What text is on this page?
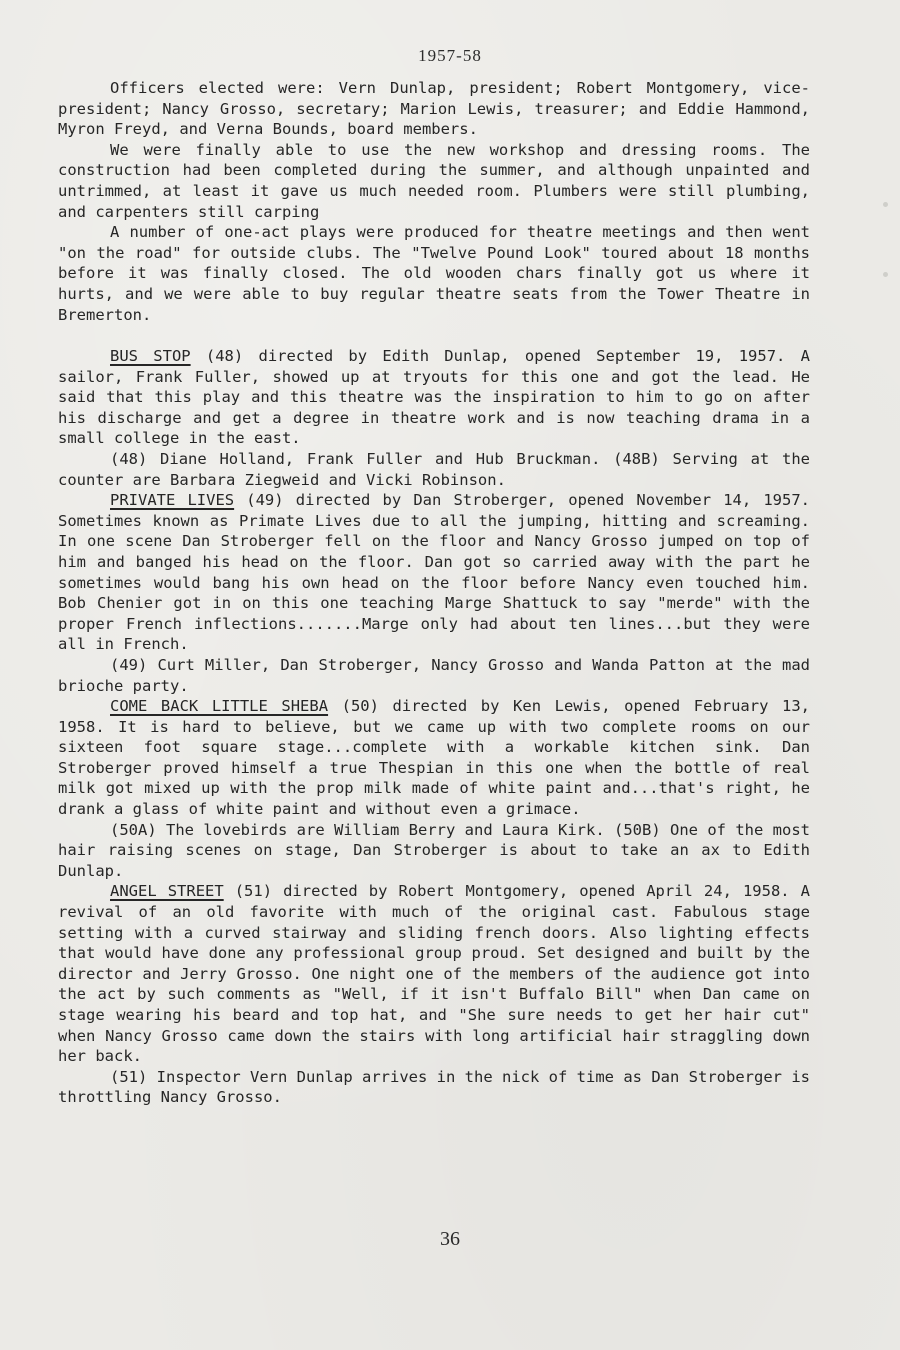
1957-58

Officers elected were: Vern Dunlap, president; Robert Montgomery, vice-president; Nancy Grosso, secretary; Marion Lewis, treasurer; and Eddie Hammond, Myron Freyd, and Verna Bounds, board members.

We were finally able to use the new workshop and dressing rooms. The construction had been completed during the summer, and although unpainted and untrimmed, at least it gave us much needed room. Plumbers were still plumbing, and carpenters still carping

A number of one-act plays were produced for theatre meetings and then went "on the road" for outside clubs. The "Twelve Pound Look" toured about 18 months before it was finally closed. The old wooden chars finally got us where it hurts, and we were able to buy regular theatre seats from the Tower Theatre in Bremerton.

BUS STOP (48) directed by Edith Dunlap, opened September 19, 1957. A sailor, Frank Fuller, showed up at tryouts for this one and got the lead. He said that this play and this theatre was the inspiration to him to go on after his discharge and get a degree in theatre work and is now teaching drama in a small college in the east.

(48) Diane Holland, Frank Fuller and Hub Bruckman. (48B) Serving at the counter are Barbara Ziegweid and Vicki Robinson.

PRIVATE LIVES (49) directed by Dan Stroberger, opened November 14, 1957. Sometimes known as Primate Lives due to all the jumping, hitting and screaming. In one scene Dan Stroberger fell on the floor and Nancy Grosso jumped on top of him and banged his head on the floor. Dan got so carried away with the part he sometimes would bang his own head on the floor before Nancy even touched him. Bob Chenier got in on this one teaching Marge Shattuck to say "merde" with the proper French inflections.......Marge only had about ten lines...but they were all in French.

(49) Curt Miller, Dan Stroberger, Nancy Grosso and Wanda Patton at the mad brioche party.

COME BACK LITTLE SHEBA (50) directed by Ken Lewis, opened February 13, 1958. It is hard to believe, but we came up with two complete rooms on our sixteen foot square stage...complete with a workable kitchen sink. Dan Stroberger proved himself a true Thespian in this one when the bottle of real milk got mixed up with the prop milk made of white paint and...that's right, he drank a glass of white paint and without even a grimace.

(50A) The lovebirds are William Berry and Laura Kirk. (50B) One of the most hair raising scenes on stage, Dan Stroberger is about to take an ax to Edith Dunlap.

ANGEL STREET (51) directed by Robert Montgomery, opened April 24, 1958. A revival of an old favorite with much of the original cast. Fabulous stage setting with a curved stairway and sliding french doors. Also lighting effects that would have done any professional group proud. Set designed and built by the director and Jerry Grosso. One night one of the members of the audience got into the act by such comments as "Well, if it isn't Buffalo Bill" when Dan came on stage wearing his beard and top hat, and "She sure needs to get her hair cut" when Nancy Grosso came down the stairs with long artificial hair straggling down her back.

(51) Inspector Vern Dunlap arrives in the nick of time as Dan Stroberger is throttling Nancy Grosso.

36
